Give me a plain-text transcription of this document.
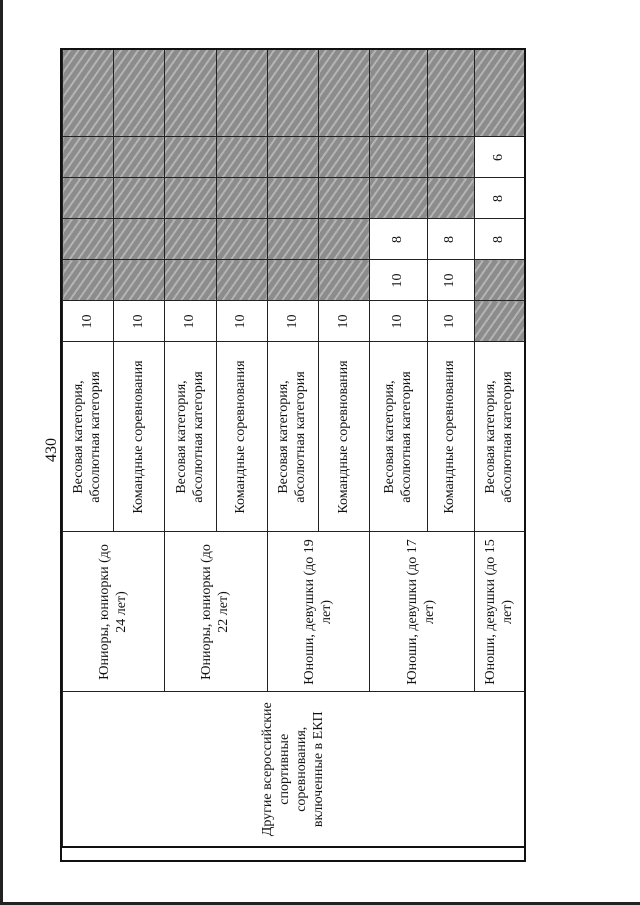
430
Другие всероссийские спортивные соревнования, включенные в ЕКП	Юниоры, юниорки (до 24 лет)	Весовая категория, абсолютная категория	10					
		Командные соревнования	10					
	Юниоры, юниорки (до 22 лет)	Весовая категория, абсолютная категория	10					
		Командные соревнования	10					
	Юноши, девушки (до 19 лет)	Весовая категория, абсолютная категория	10					
		Командные соревнования	10					
	Юноши, девушки (до 17 лет)	Весовая категория, абсолютная категория	10	10	8			
		Командные соревнования	10	10	8			
	Юноши, девушки (до 15 лет)	Весовая категория, абсолютная категория			8	8	6	
